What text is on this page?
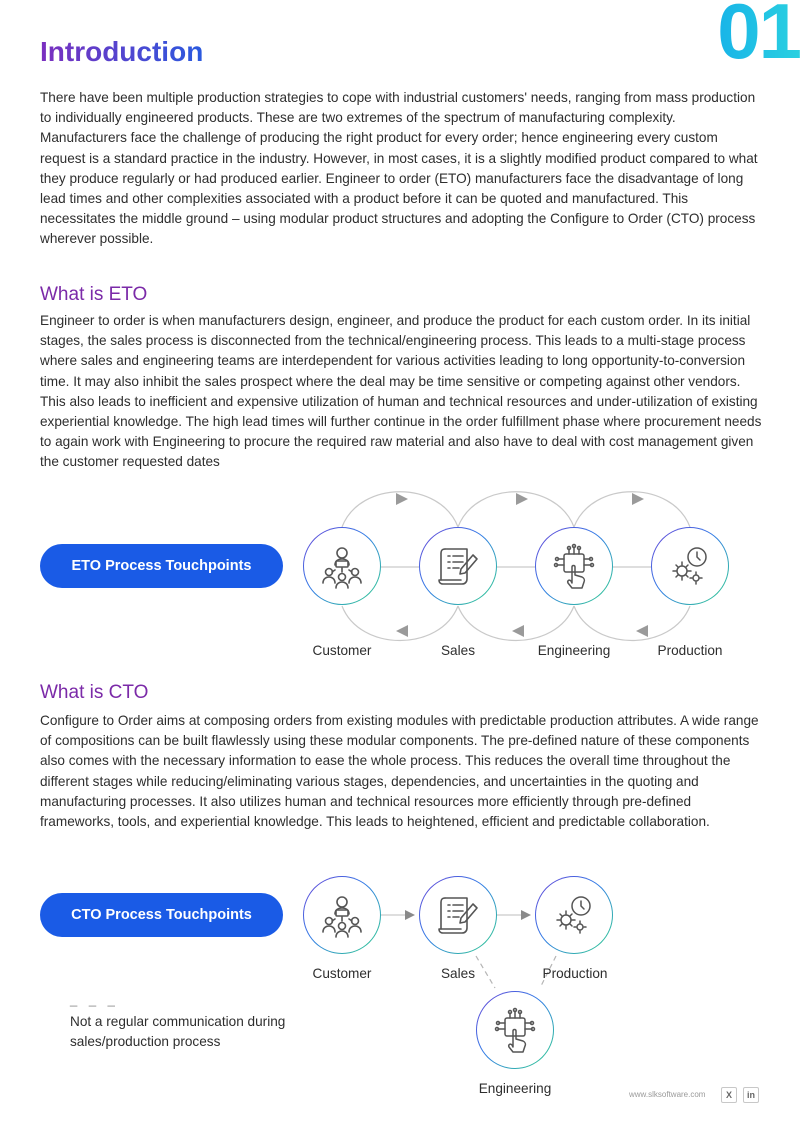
01
Introduction

There have been multiple production strategies to cope with industrial customers' needs, ranging from mass production to individually engineered products. These are two extremes of the spectrum of manufacturing complexity. Manufacturers face the challenge of producing the right product for every order; hence engineering every custom request is a standard practice in the industry. However, in most cases, it is a slightly modified product compared to what they produce regularly or had produced earlier. Engineer to order (ETO) manufacturers face the disadvantage of long lead times and other complexities associated with a product before it can be quoted and manufactured. This necessitates the middle ground – using modular product structures and adopting the Configure to Order (CTO) process wherever possible.

What is ETO

Engineer to order is when manufacturers design, engineer, and produce the product for each custom order. In its initial stages, the sales process is disconnected from the technical/engineering process. This leads to a multi-stage process where sales and engineering teams are interdependent for various activities leading to long opportunity-to-conversion time. It may also inhibit the sales prospect where the deal may be time sensitive or competing against other vendors. This also leads to inefficient and expensive utilization of human and technical resources and under-utilization of existing experiential knowledge. The high lead times will further continue in the order fulfillment phase where procurement needs to again work with Engineering to procure the required raw material and also have to deal with cost management given the customer requested dates

ETO Process Touchpoints
Customer	Sales	Engineering	Production
What is CTO

Configure to Order aims at composing orders from existing modules with predictable production attributes. A wide range of compositions can be built flawlessly using these modular components. The pre-defined nature of these components also comes with the necessary information to ease the whole process. This reduces the overall time throughout the different stages while reducing/eliminating various stages, dependencies, and uncertainties in the quoting and manufacturing processes. It also utilizes human and technical resources more efficiently through pre-defined frameworks, tools, and experiential knowledge. This leads to heightened, efficient and predictable collaboration.

CTO Process Touchpoints
Customer	Sales	Production
Engineering
_ _ _
Not a regular communication during sales/production process
www.slksoftware.com	X	in
